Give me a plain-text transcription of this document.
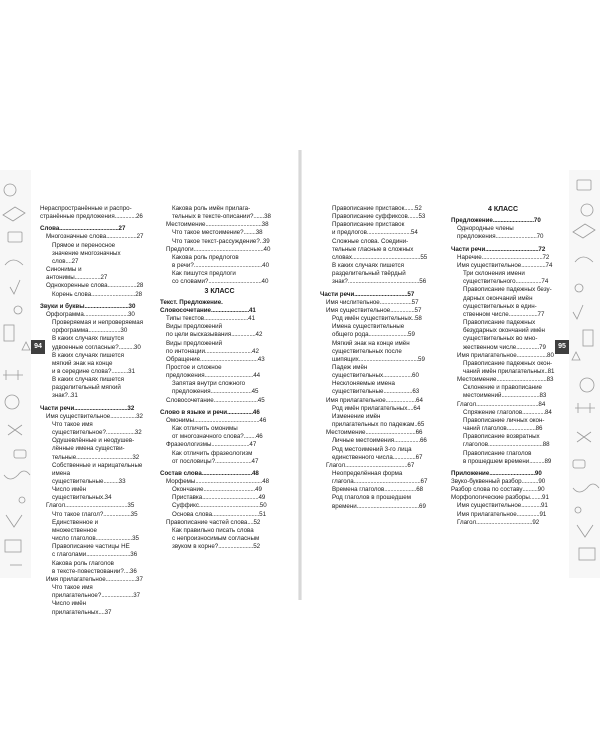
94	95
Нераспространённые и распро-
странённые предложения..............26
Слова.......................................27
Многозначные слова....................27
Прямое и переносное
значение многозначных слов....27
Синонимы и антонимы.................27
Однокоренные слова...................28
Корень слова.............................28
Звуки и буквы.............................30
Орфограмма.............................30
Проверяемая и непроверяемая
орфограмма.....................30
В каких случаях пишутся
удвоенные согласные?..........30
В каких случаях пишется
мягкий знак на конце
и в середине слова?...........31
В каких случаях пишется
разделительный мягкий знак?..31
Части речи...................................32
Имя существительное.................32
Что такое имя
существительное?...................32
Одушевлённые и неодушев-
лённые имена существи-
тельные.....................................32
Собственные и нарицательные
имена существительные..........33
Число имён существительных.34
Глагол.........................................35
Что такое глагол?..................35
Единственное и множественное
число глаголов........................35
Правописание частицы НЕ
с глаголами.............................36
Какова роль глаголов
в тексте-повествовании?....36
Имя прилагательное....................37
Что такое имя
прилагательное?.....................37
Число имён прилагательных....37
Какова роль имён прилага-
тельных в тексте-описании?.......38
Местоимение.....................................38
Что такое местоимение?........38
Что такое текст-рассуждение?..39
Предлоги..............................................40
Какова роль предлогов
в речи?.............................................40
Как пишутся предлоги
со словами?...................................40
3 КЛАСС
Текст. Предложение.
Словосочетание.........................41
Типы текстов.............................41
Виды предложений
по цели высказывания................42
Виды предложений
по интонации...............................42
Обращение......................................43
Простое и сложное
предложения................................44
Запятая внутри сложного
предложения...........................45
Словосочетание.............................45
Слово в языке и речи.................46
Омонимы...........................................46
Как отличить омонимы
от многозначного слова?........46
Фразеологизмы.........................47
Как отличить фразеологизм
от пословицы?........................47
Состав слова.................................48
Морфемы............................................48
Окончание..................................49
Приставка.....................................49
Суффикс........................................50
Основа слова...............................51
Правописание частей слова....52
Как правильно писать слова
с непроизносимым согласным
звуком в корне?.......................52
Правописание приставок.......52
Правописание суффиксов.......53
Правописание приставок
и предлогов.............................54
Сложные слова. Соедини-
тельные гласные в сложных
словах.............................................55
В каких случаях пишется
разделительный твёрдый
знак?...............................................56
Части речи...................................57
Имя числительное.....................57
Имя существительное................57
Род имён существительных..58
Имена существительные
общего рода..........................59
Мягкий знак на конце имён
существительных после
шипящих.......................................59
Падеж имён
существительных...................60
Несклоняемые имена
существительные...................63
Имя прилагательное....................64
Род имён прилагательных....64
Изменение имён
прилагательных по падежам..65
Местоимение.................................66
Личные местоимения.................66
Род местоимений 3-го лица
единственного числа...............67
Глагол.........................................67
Неопределённая форма
глагола............................................67
Времена глаголов.....................68
Род глаголов в прошедшем
времени.........................................69
4 КЛАСС
Предложение...........................70
Однородные члены
предложения...........................70
Части речи...................................72
Наречие........................................72
Имя существительное................74
Три склонения имени
существительного.................74
Правописание падежных безу-
дарных окончаний имён
существительных в един-
ственном числе...................77
Правописание падежных
безударных окончаний имён
существительных во мно-
жественном числе...............79
Имя прилагательное....................80
Правописание падежных окон-
чаний имён прилагательных..81
Местоимение.................................83
Склонение и правописание
местоимений.........................83
Глагол.........................................84
Спряжение глаголов...............84
Правописание личных окон-
чаний глаголов...................86
Правописание возвратных
глаголов....................................88
Правописание глаголов
в прошедшем времени..........89
Приложение..............................90
Звуко-буквенный разбор...........90
Разбор слова по составу..........90
Морфологические разборы........91
Имя существительное.............91
Имя прилагательное...............91
Глагол.....................................92
